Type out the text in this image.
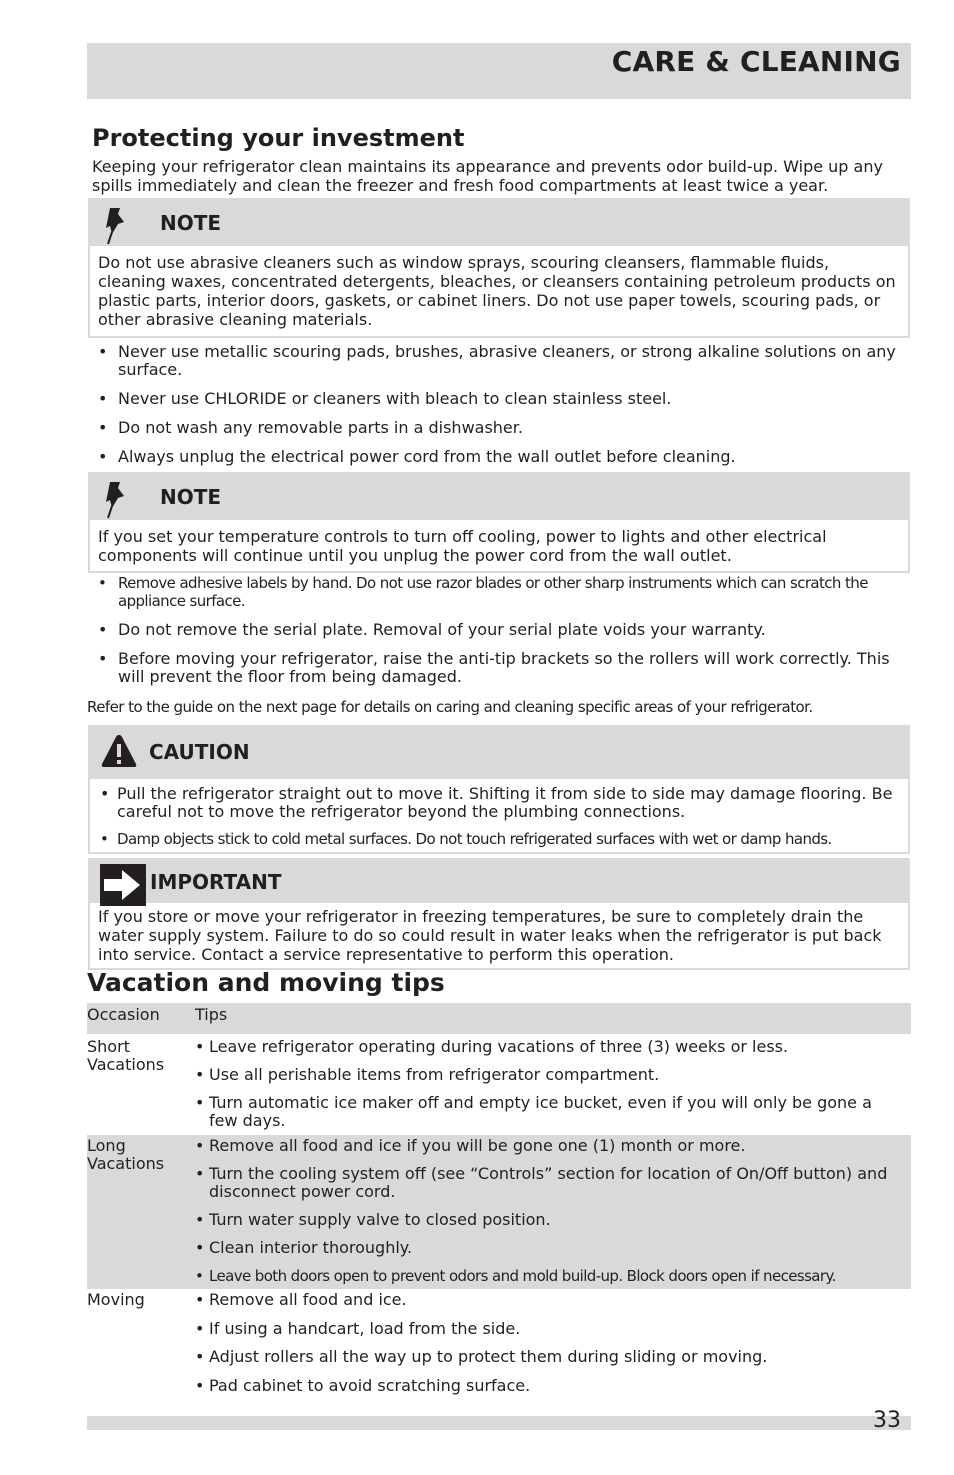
CARE & CLEANING
Protecting your investment
Keeping your refrigerator clean maintains its appearance and prevents odor build-up. Wipe up any spills immediately and clean the freezer and fresh food compartments at least twice a year.
NOTE
Do not use abrasive cleaners such as window sprays, scouring cleansers, flammable fluids, cleaning waxes, concentrated detergents, bleaches, or cleansers containing petroleum products on plastic parts, interior doors, gaskets, or cabinet liners. Do not use paper towels, scouring pads, or other abrasive cleaning materials.
• Never use metallic scouring pads, brushes, abrasive cleaners, or strong alkaline solutions on any surface.
• Never use CHLORIDE or cleaners with bleach to clean stainless steel.
• Do not wash any removable parts in a dishwasher.
• Always unplug the electrical power cord from the wall outlet before cleaning.
NOTE
If you set your temperature controls to turn off cooling, power to lights and other electrical components will continue until you unplug the power cord from the wall outlet.
• Remove adhesive labels by hand. Do not use razor blades or other sharp instruments which can scratch the appliance surface.
• Do not remove the serial plate. Removal of your serial plate voids your warranty.
• Before moving your refrigerator, raise the anti-tip brackets so the rollers will work correctly. This will prevent the floor from being damaged.
Refer to the guide on the next page for details on caring and cleaning specific areas of your refrigerator.
CAUTION
• Pull the refrigerator straight out to move it. Shifting it from side to side may damage flooring. Be careful not to move the refrigerator beyond the plumbing connections.
• Damp objects stick to cold metal surfaces. Do not touch refrigerated surfaces with wet or damp hands.
IMPORTANT
If you store or move your refrigerator in freezing temperatures, be sure to completely drain the water supply system. Failure to do so could result in water leaks when the refrigerator is put back into service. Contact a service representative to perform this operation.
Vacation and moving tips
Occasion Tips
Short Vacations
• Leave refrigerator operating during vacations of three (3) weeks or less.
• Use all perishable items from refrigerator compartment.
• Turn automatic ice maker off and empty ice bucket, even if you will only be gone a few days.
Long Vacations
• Remove all food and ice if you will be gone one (1) month or more.
• Turn the cooling system off (see “Controls” section for location of On/Off button) and disconnect power cord.
• Turn water supply valve to closed position.
• Clean interior thoroughly.
• Leave both doors open to prevent odors and mold build-up. Block doors open if necessary.
Moving
•	Remove all food and ice.
• If using a handcart, load from the side.
• Adjust rollers all the way up to protect them during sliding or moving.
• Pad cabinet to avoid scratching surface.
33
